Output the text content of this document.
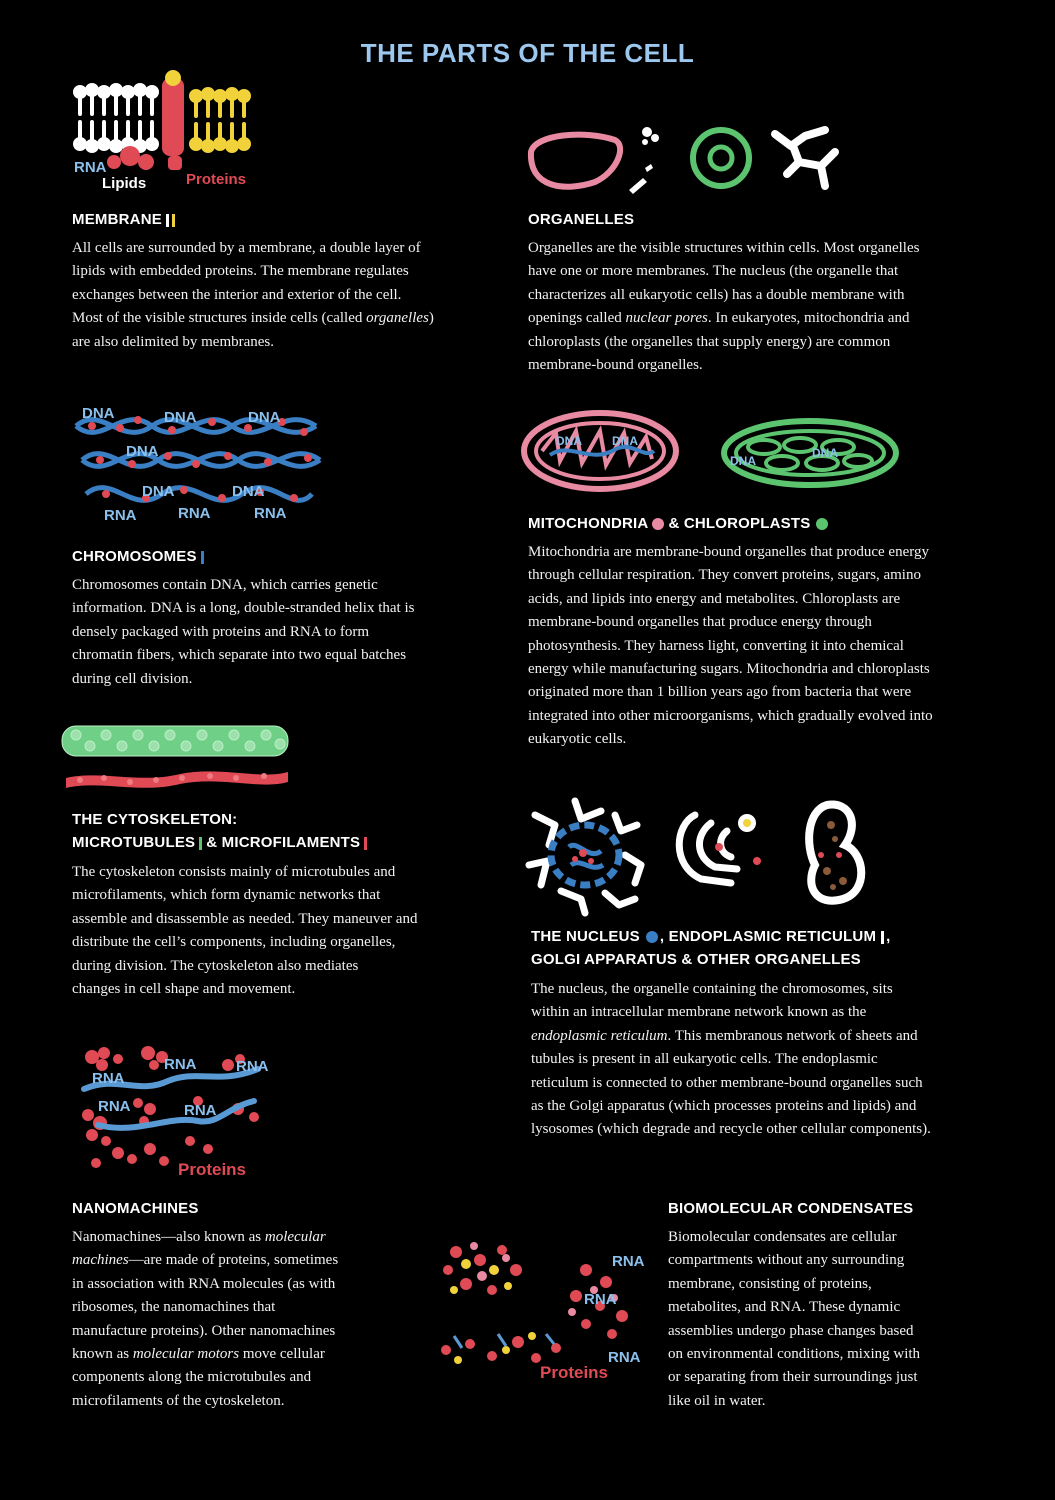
THE PARTS OF THE CELL
RNA
Lipids	Proteins
MEMBRANE
All cells are surrounded by a membrane, a double layer of
lipids with embedded proteins. The membrane regulates
exchanges between the interior and exterior of the cell.
Most of the visible structures inside cells (called organelles)
are also delimited by membranes.
ORGANELLES
Organelles are the visible structures within cells. Most organelles
have one or more membranes. The nucleus (the organelle that
characterizes all eukaryotic cells) has a double membrane with
openings called nuclear pores. In eukaryotes, mitochondria and
chloroplasts (the organelles that supply energy) are common
membrane-bound organelles.
DNA	DNA	DNA
DNA
DNA	DNA
RNA	RNA	RNA
CHROMOSOMES
Chromosomes contain DNA, which carries genetic
information. DNA is a long, double-stranded helix that is
densely packaged with proteins and RNA to form
chromatin fibers, which separate into two equal batches
during cell division.
DNA	DNA
DNA
DNA
MITOCHONDRIA & CHLOROPLASTS
Mitochondria are membrane-bound organelles that produce energy
through cellular respiration. They convert proteins, sugars, amino
acids, and lipids into energy and metabolites. Chloroplasts are
membrane-bound organelles that produce energy through
photosynthesis. They harness light, converting it into chemical
energy while manufacturing sugars. Mitochondria and chloroplasts
originated more than 1 billion years ago from bacteria that were
integrated into other microorganisms, which gradually evolved into
eukaryotic cells.
THE CYTOSKELETON:
MICROTUBULES & MICROFILAMENTS
The cytoskeleton consists mainly of microtubules and
microfilaments, which form dynamic networks that
assemble and disassemble as needed. They maneuver and
distribute the cell’s components, including organelles,
during division. The cytoskeleton also mediates
changes in cell shape and movement.
THE NUCLEUS , ENDOPLASMIC RETICULUM ,
GOLGI APPARATUS & OTHER ORGANELLES
The nucleus, the organelle containing the chromosomes, sits
within an intracellular membrane network known as the
endoplasmic reticulum. This membranous network of sheets and
tubules is present in all eukaryotic cells. The endoplasmic
reticulum is connected to other membrane-bound organelles such
as the Golgi apparatus (which processes proteins and lipids) and
lysosomes (which degrade and recycle other cellular components).
RNA
RNA	RNA
RNA	RNA
Proteins
NANOMACHINES
Nanomachines—also known as molecular
machines—are made of proteins, sometimes
in association with RNA molecules (as with
ribosomes, the nanomachines that
manufacture proteins). Other nanomachines
known as molecular motors move cellular
components along the microtubules and
microfilaments of the cytoskeleton.
RNA
RNA
RNA
Proteins
BIOMOLECULAR CONDENSATES
Biomolecular condensates are cellular
compartments without any surrounding
membrane, consisting of proteins,
metabolites, and RNA. These dynamic
assemblies undergo phase changes based
on environmental conditions, mixing with
or separating from their surroundings just
like oil in water.
